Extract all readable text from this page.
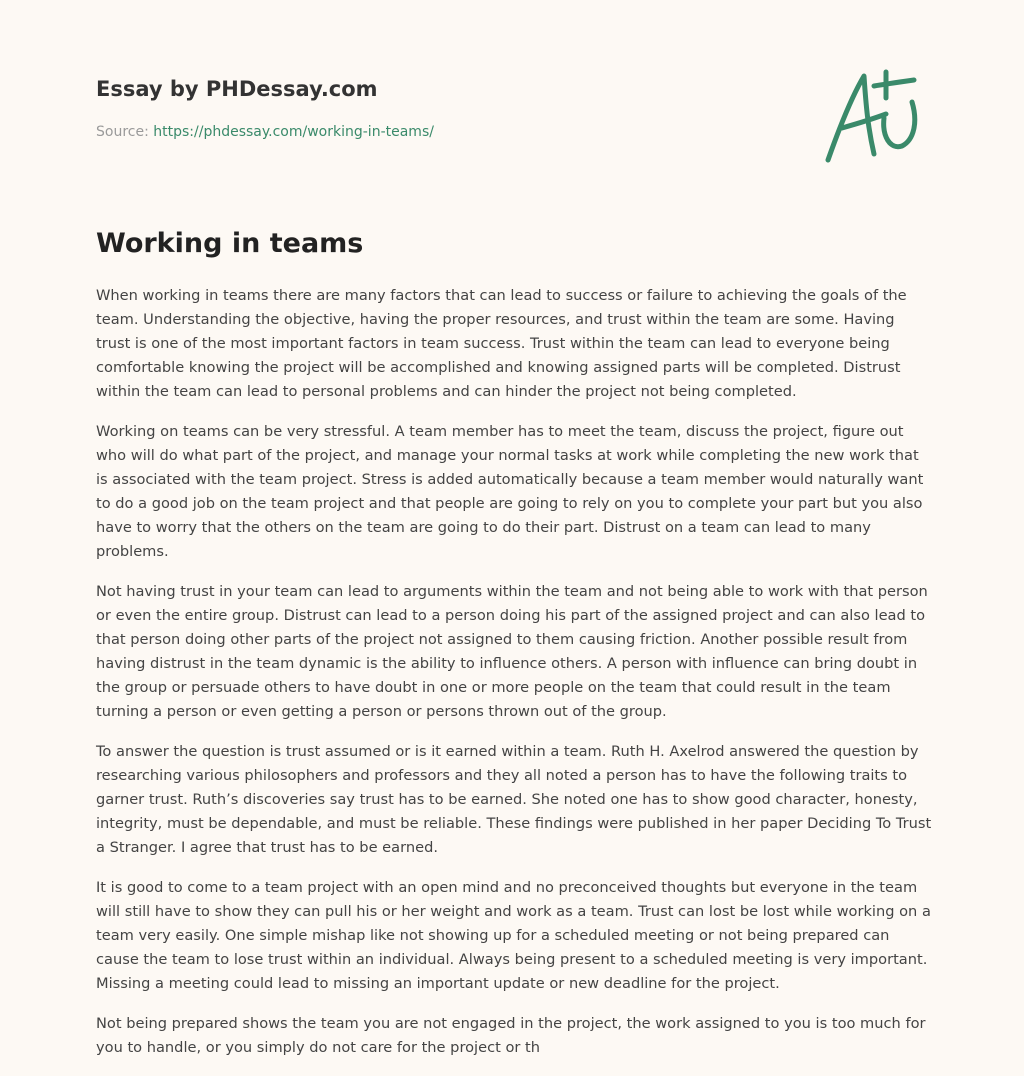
Essay by PHDessay.com
Source: https://phdessay.com/working-in-teams/
Working in teams

When working in teams there are many factors that can lead to success or failure to achieving the goals of the team. Understanding the objective, having the proper resources, and trust within the team are some. Having trust is one of the most important factors in team success. Trust within the team can lead to everyone being comfortable knowing the project will be accomplished and knowing assigned parts will be completed. Distrust within the team can lead to personal problems and can hinder the project not being completed.

Working on teams can be very stressful. A team member has to meet the team, discuss the project, figure out who will do what part of the project, and manage your normal tasks at work while completing the new work that is associated with the team project. Stress is added automatically because a team member would naturally want to do a good job on the team project and that people are going to rely on you to complete your part but you also have to worry that the others on the team are going to do their part. Distrust on a team can lead to many problems.

Not having trust in your team can lead to arguments within the team and not being able to work with that person or even the entire group. Distrust can lead to a person doing his part of the assigned project and can also lead to that person doing other parts of the project not assigned to them causing friction. Another possible result from having distrust in the team dynamic is the ability to influence others. A person with influence can bring doubt in the group or persuade others to have doubt in one or more people on the team that could result in the team turning a person or even getting a person or persons thrown out of the group.

To answer the question is trust assumed or is it earned within a team. Ruth H. Axelrod answered the question by researching various philosophers and professors and they all noted a person has to have the following traits to garner trust. Ruth’s discoveries say trust has to be earned. She noted one has to show good character, honesty, integrity, must be dependable, and must be reliable. These findings were published in her paper Deciding To Trust a Stranger. I agree that trust has to be earned.

It is good to come to a team project with an open mind and no preconceived thoughts but everyone in the team will still have to show they can pull his or her weight and work as a team. Trust can lost be lost while working on a team very easily. One simple mishap like not showing up for a scheduled meeting or not being prepared can cause the team to lose trust within an individual. Always being present to a scheduled meeting is very important. Missing a meeting could lead to missing an important update or new deadline for the project.

Not being prepared shows the team you are not engaged in the project, the work assigned to you is too much for you to handle, or you simply do not care for the project or th
